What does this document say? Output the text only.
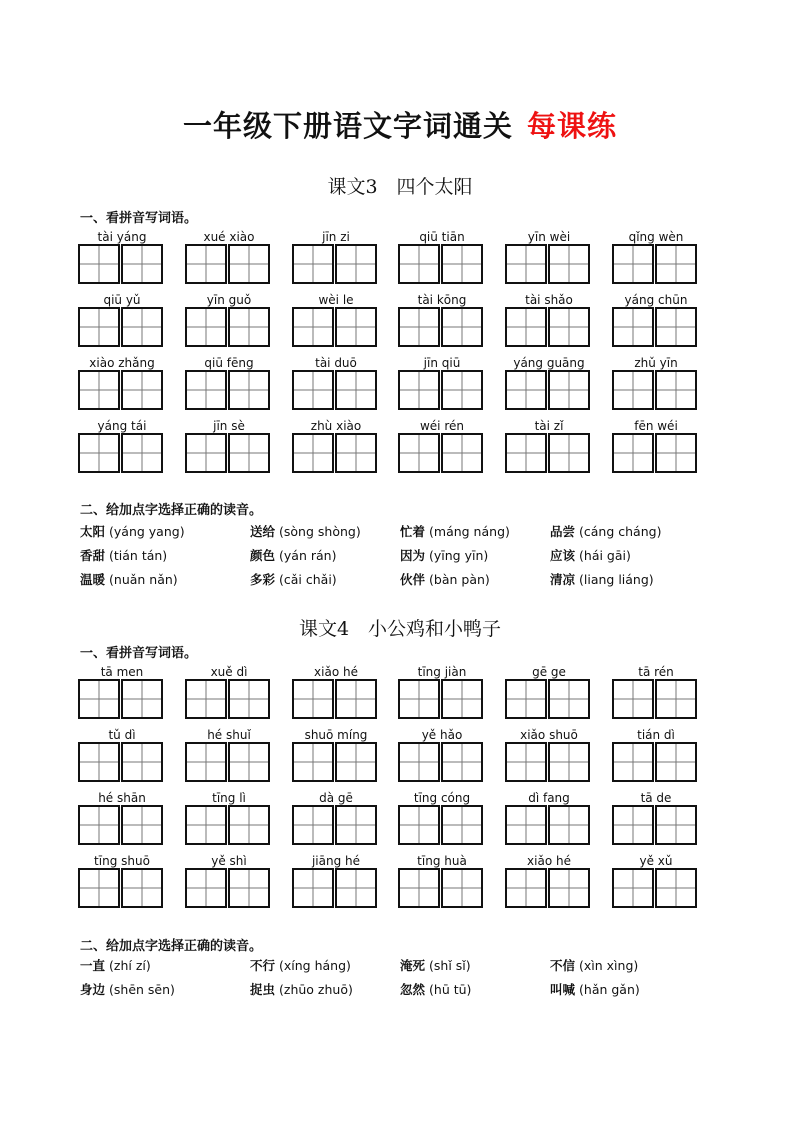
一年级下册语文字词通关 每课练
课文3　四个太阳
一、看拼音写词语。
tài yáng	xué xiào	jīn zi	qiū tiān	yīn wèi	qǐng wèn
qiū yǔ	yīn guǒ	wèi le	tài kōng	tài shǎo	yáng chūn
xiào zhǎng	qiū fēng	tài duō	jīn qiū	yáng guāng	zhǔ yīn
yáng tái	jīn sè	zhù xiào	wéi rén	tài zǐ	fēn wéi
二、给加点字选择正确的读音。
太阳 (yáng yang)	送给 (sòng shòng)	忙着 (máng náng)	品尝 (cáng cháng)
香甜 (tián tán)	颜色 (yán rán)	因为 (yīng yīn)	应该 (hái gāi)
温暖 (nuǎn nǎn)	多彩 (cǎi chǎi)	伙伴 (bàn pàn)	清凉 (liang liáng)
课文4　小公鸡和小鸭子
一、看拼音写词语。
tā men	xuě dì	xiǎo hé	tīng jiàn	gē ge	tā rén
tǔ dì	hé shuǐ	shuō míng	yě hǎo	xiǎo shuō	tián dì
hé shān	tīng lì	dà gē	tīng cóng	dì fang	tā de
tīng shuō	yě shì	jiāng hé	tīng huà	xiǎo hé	yě xǔ
二、给加点字选择正确的读音。
一直 (zhí zí)	不行 (xíng háng)	淹死 (shǐ sǐ)	不信 (xìn xìng)
身边 (shēn sēn)	捉虫 (zhūo zhuō)	忽然 (hū tū)	叫喊 (hǎn gǎn)
